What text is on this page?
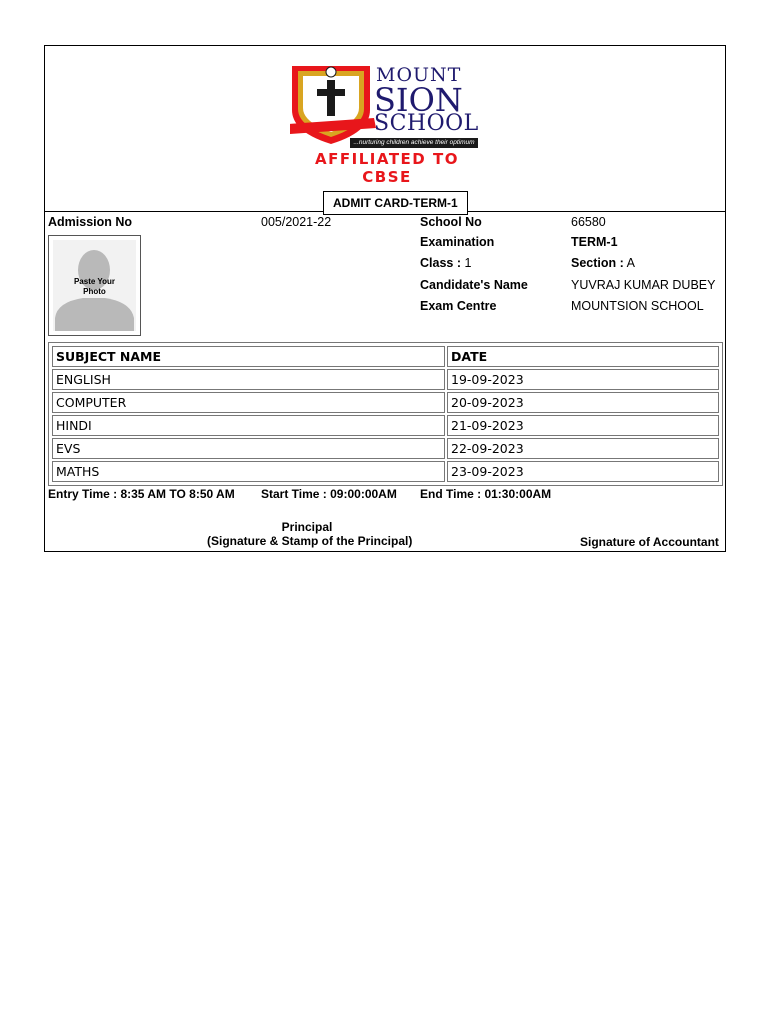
MOUNT
SION
SCHOOL
...nurturing children achieve their optimum
AFFILIATED TO CBSE
ADMIT CARD-TERM-1
Admission No	005/2021-22	School No	66580
Examination	TERM-1
Class : 1	Section : A
Candidate's Name	YUVRAJ KUMAR DUBEY
Exam Centre	MOUNTSION SCHOOL
Paste Your
Photo
SUBJECT NAME	DATE
ENGLISH	19-09-2023
COMPUTER	20-09-2023
HINDI	21-09-2023
EVS	22-09-2023
MATHS	23-09-2023
Entry Time : 8:35 AM TO 8:50 AM Start Time : 09:00:00AM End Time : 01:30:00AM
Principal
(Signature & Stamp of the Principal)	Signature of Accountant
